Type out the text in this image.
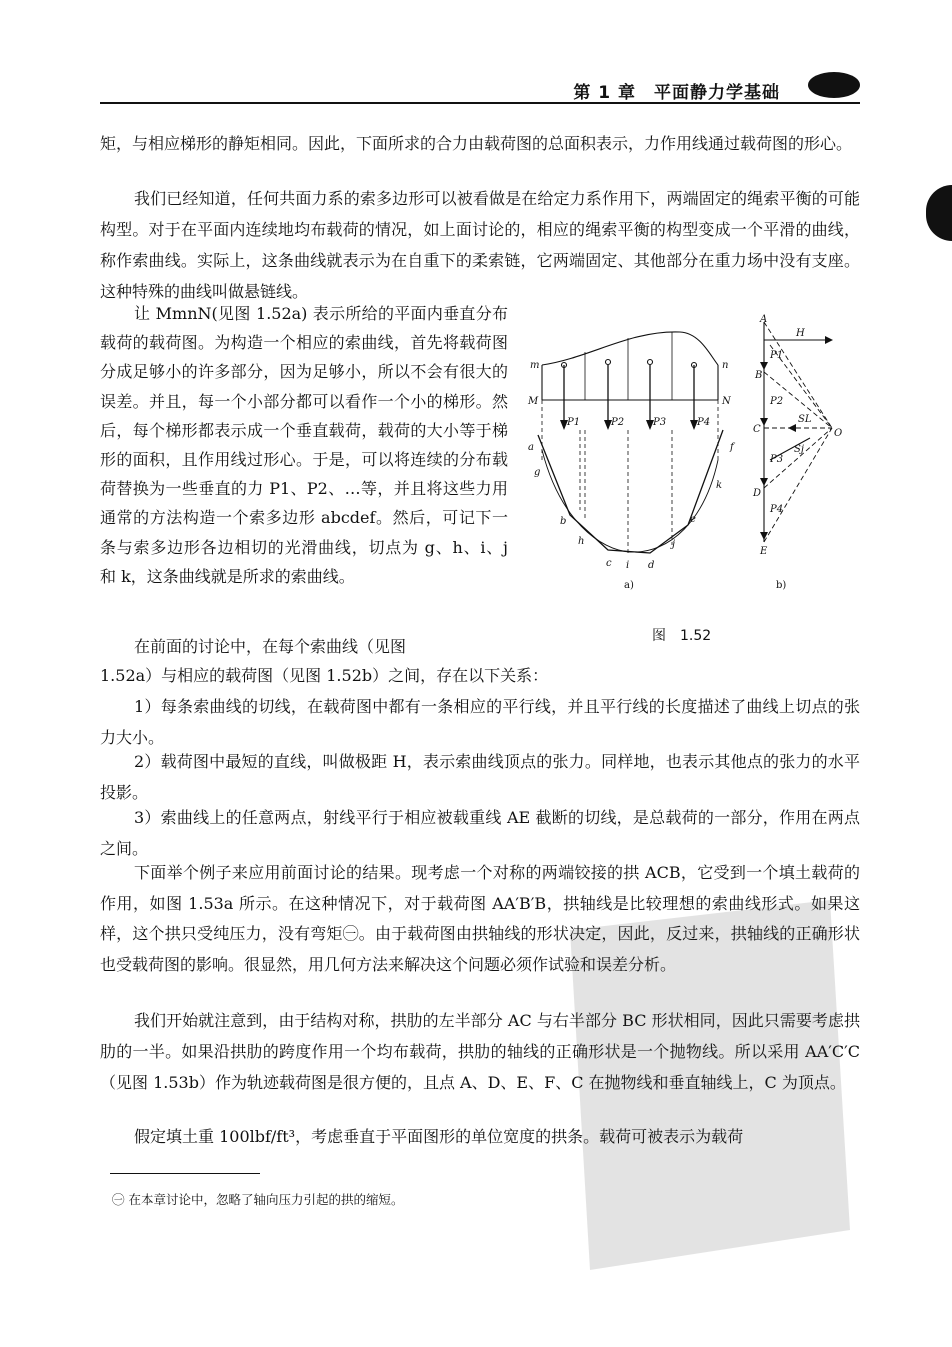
第 1 章　平面静力学基础

矩，与相应梯形的静矩相同。因此，下面所求的合力由载荷图的总面积表示，力作用线通过载荷图的形心。

我们已经知道，任何共面力系的索多边形可以被看做是在给定力系作用下，两端固定的绳索平衡的可能构型。对于在平面内连续地均布载荷的情况，如上面讨论的，相应的绳索平衡的构型变成一个平滑的曲线，称作索曲线。实际上，这条曲线就表示为在自重下的柔索链，它两端固定、其他部分在重力场中没有支座。这种特殊的曲线叫做悬链线。

让 MmnN(见图 1.52a) 表示所给的平面内垂直分布载荷的载荷图。为构造一个相应的索曲线，首先将载荷图分成足够小的许多部分，因为足够小，所以不会有很大的误差。并且，每一个小部分都可以看作一个小的梯形。然后，每个梯形都表示成一个垂直载荷，载荷的大小等于梯形的面积，且作用线过形心。于是，可以将连续的分布载荷替换为一些垂直的力 P1、P2、…等，并且将这些力用通常的方法构造一个索多边形 abcdef。然后，可记下一条与索多边形各边相切的光滑曲线，切点为 g、h、i、j 和 k，这条曲线就是所求的索曲线。

在前面的讨论中，在每个索曲线（见图

1.52a）与相应的载荷图（见图 1.52b）之间，存在以下关系：

1）每条索曲线的切线，在载荷图中都有一条相应的平行线，并且平行线的长度描述了曲线上切点的张力大小。

2）载荷图中最短的直线，叫做极距 H，表示索曲线顶点的张力。同样地，也表示其他点的张力的水平投影。

3）索曲线上的任意两点，射线平行于相应被载重线 AE 截断的切线，是总载荷的一部分，作用在两点之间。

下面举个例子来应用前面讨论的结果。现考虑一个对称的两端铰接的拱 ACB，它受到一个填土载荷的作用，如图 1.53a 所示。在这种情况下，对于载荷图 AA′B′B，拱轴线是比较理想的索曲线形式。如果这样，这个拱只受纯压力，没有弯矩㊀。由于载荷图由拱轴线的形状决定，因此，反过来，拱轴线的正确形状也受载荷图的影响。很显然，用几何方法来解决这个问题必须作试验和误差分析。

我们开始就注意到，由于结构对称，拱肋的左半部分 AC 与右半部分 BC 形状相同，因此只需要考虑拱肋的一半。如果沿拱肋的跨度作用一个均布载荷，拱肋的轴线的正确形状是一个抛物线。所以采用 AA′C′C（见图 1.53b）作为轨迹载荷图是很方便的，且点 A、D、E、F、C 在抛物线和垂直轴线上，C 为顶点。

假定填土重 100lbf/ft³，考虑垂直于平面图形的单位宽度的拱条。载荷可被表示为载荷

m	n
M	N
a	f
g
k
b	e
h	j
c i d
P1	P2	P3	P4
a)
A
B
C
D
E
O
H
P1
P2
P3
P4
SL
Sj
b)
图　1.52
㊀ 在本章讨论中，忽略了轴向压力引起的拱的缩短。
